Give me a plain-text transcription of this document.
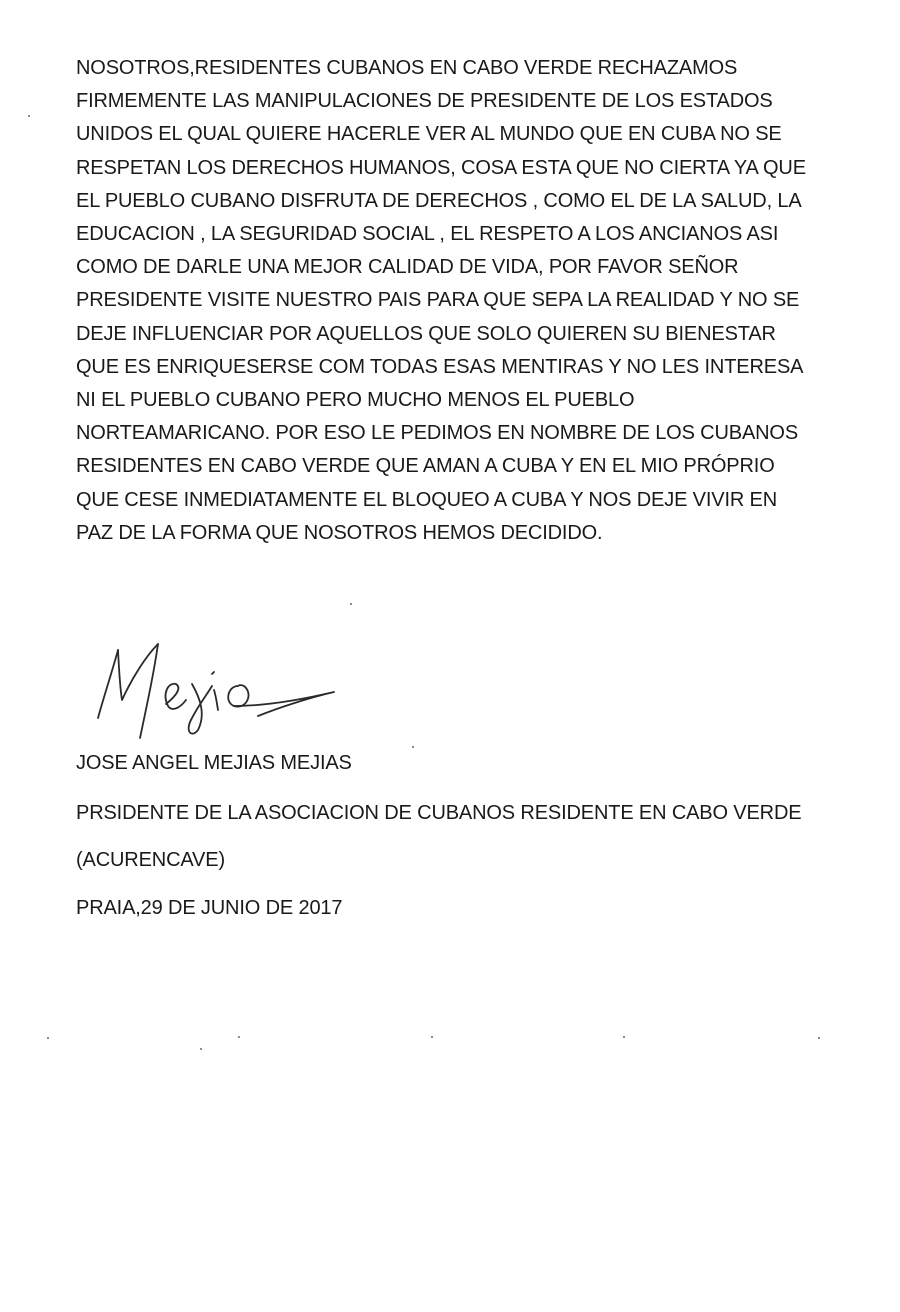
NOSOTROS,RESIDENTES CUBANOS EN CABO VERDE RECHAZAMOS
FIRMEMENTE LAS MANIPULACIONES DE PRESIDENTE DE LOS ESTADOS
UNIDOS EL QUAL QUIERE HACERLE VER AL MUNDO QUE EN CUBA NO SE
RESPETAN LOS DERECHOS HUMANOS, COSA ESTA QUE NO CIERTA YA QUE
EL PUEBLO CUBANO DISFRUTA DE DERECHOS , COMO EL DE LA SALUD, LA
EDUCACION , LA SEGURIDAD SOCIAL , EL RESPETO A LOS ANCIANOS ASI
COMO DE DARLE UNA MEJOR CALIDAD DE VIDA, POR FAVOR SEÑOR
PRESIDENTE VISITE NUESTRO PAIS PARA QUE SEPA LA REALIDAD Y NO SE
DEJE INFLUENCIAR POR AQUELLOS QUE SOLO QUIEREN SU BIENESTAR
QUE ES ENRIQUESERSE COM TODAS ESAS MENTIRAS Y NO LES INTERESA
NI EL PUEBLO CUBANO PERO MUCHO MENOS EL PUEBLO
NORTEAMARICANO. POR ESO LE PEDIMOS EN NOMBRE DE LOS CUBANOS
RESIDENTES EN CABO VERDE QUE AMAN A CUBA Y EN EL MIO PRÓPRIO
QUE CESE INMEDIATAMENTE EL BLOQUEO A CUBA Y NOS DEJE VIVIR EN
PAZ DE LA FORMA QUE NOSOTROS HEMOS DECIDIDO.
JOSE ANGEL MEJIAS MEJIAS
PRSIDENTE DE LA ASOCIACION DE CUBANOS RESIDENTE EN CABO VERDE
(ACURENCAVE)
PRAIA,29 DE JUNIO DE 2017
